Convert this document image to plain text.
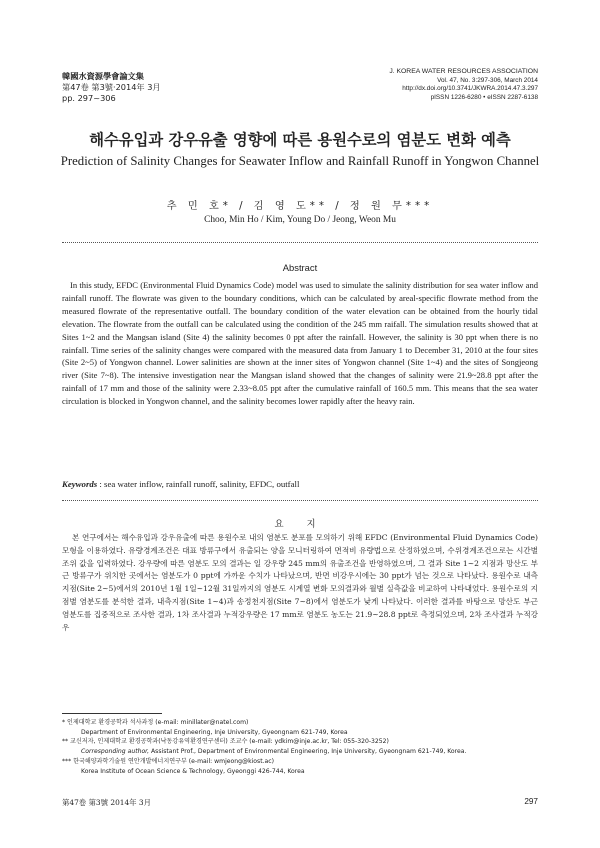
韓國水資源學會論文集
第47卷 第3號·2014年 3月
pp. 297~306
J. KOREA WATER RESOURCES ASSOCIATION
Vol. 47, No. 3:297-306, March 2014
http://dx.doi.org/10.3741/JKWRA.2014.47.3.297
pISSN 1226-6280 • eISSN 2287-6138
해수유입과 강우유출 영향에 따른 용원수로의 염분도 변화 예측
Prediction of Salinity Changes for Seawater Inflow and Rainfall Runoff in Yongwon Channel
추 민 호* / 김 영 도** / 정 원 무***
Choo, Min Ho / Kim, Young Do / Jeong, Weon Mu
Abstract
In this study, EFDC (Environmental Fluid Dynamics Code) model was used to simulate the salinity distribution for sea water inflow and rainfall runoff. The flowrate was given to the boundary conditions, which can be calculated by areal-specific flowrate method from the measured flowrate of the representative outfall. The boundary condition of the water elevation can be obtained from the hourly tidal elevation. The flowrate from the outfall can be calculated using the condition of the 245 mm raifall. The simulation results showed that at Sites 1~2 and the Mangsan island (Site 4) the salinity becomes 0 ppt after the rainfall. However, the salinity is 30 ppt when there is no rainfall. Time series of the salinity changes were compared with the measured data from January 1 to December 31, 2010 at the four sites (Site 2~5) of Yongwon channel. Lower salinities are shown at the inner sites of Yongwon channel (Site 1~4) and the sites of Songjeong river (Site 7~8). The intensive investigation near the Mangsan island showed that the changes of salinity were 21.9~28.8 ppt after the rainfall of 17 mm and those of the salinity were 2.33~8.05 ppt after the cumulative rainfall of 160.5 mm. This means that the sea water circulation is blocked in Yongwon channel, and the salinity becomes lower rapidly after the heavy rain.
Keywords : sea water inflow, rainfall runoff, salinity, EFDC, outfall
요 지
본 연구에서는 해수유입과 강우유출에 따른 용원수로 내의 염분도 분포를 모의하기 위해 EFDC (Environmental Fluid Dynamics Code) 모형을 이용하였다. 유량경계조건은 대표 방류구에서 유출되는 양을 모니터링하여 면적비 유량법으로 산정하였으며, 수위경계조건으로는 시간별 조위 값을 입력하였다. 강우량에 따른 염분도 모의 결과는 일 강우량 245 mm의 유출조건을 반영하였으며, 그 결과 Site 1~2 지점과 망산도 부근 방류구가 위치한 곳에서는 염분도가 0 ppt에 가까운 수치가 나타났으며, 반면 비강우시에는 30 ppt가 넘는 것으로 나타났다. 용원수로 내측지점(Site 2~5)에서의 2010년 1월 1일~12월 31일까지의 염분도 시계열 변화 모의결과와 월별 실측값을 비교하여 나타내었다. 용원수로의 지점별 염분도를 분석한 결과, 내측지점(Site 1~4)과 송정천지점(Site 7~8)에서 염분도가 낮게 나타났다. 이러한 결과를 바탕으로 망산도 부근 염분도를 집중적으로 조사한 결과, 1차 조사결과 누적강우량은 17 mm로 염분도 농도는 21.9~28.8 ppt로 측정되었으며, 2차 조사결과 누적강우
* 인제대학교 환경공학과 석사과정 (e-mail: minillater@natel.com)
Department of Environmental Engineering, Inje University, Gyeongnam 621-749, Korea
** 교신저자, 인제대학교 환경공학과(낙동강유역환경연구센터) 조교수 (e-mail: ydkim@inje.ac.kr, Tel: 055-320-3252)
Corresponding author, Assistant Prof., Department of Environmental Engineering, Inje University, Gyeongnam 621-749, Korea.
*** 한국해양과학기술원 연안개발에너지연구부 (e-mail: wmjeong@kiost.ac)
Korea Institute of Ocean Science & Technology, Gyeonggi 426-744, Korea
第47卷 第3號 2014年 3月	297
